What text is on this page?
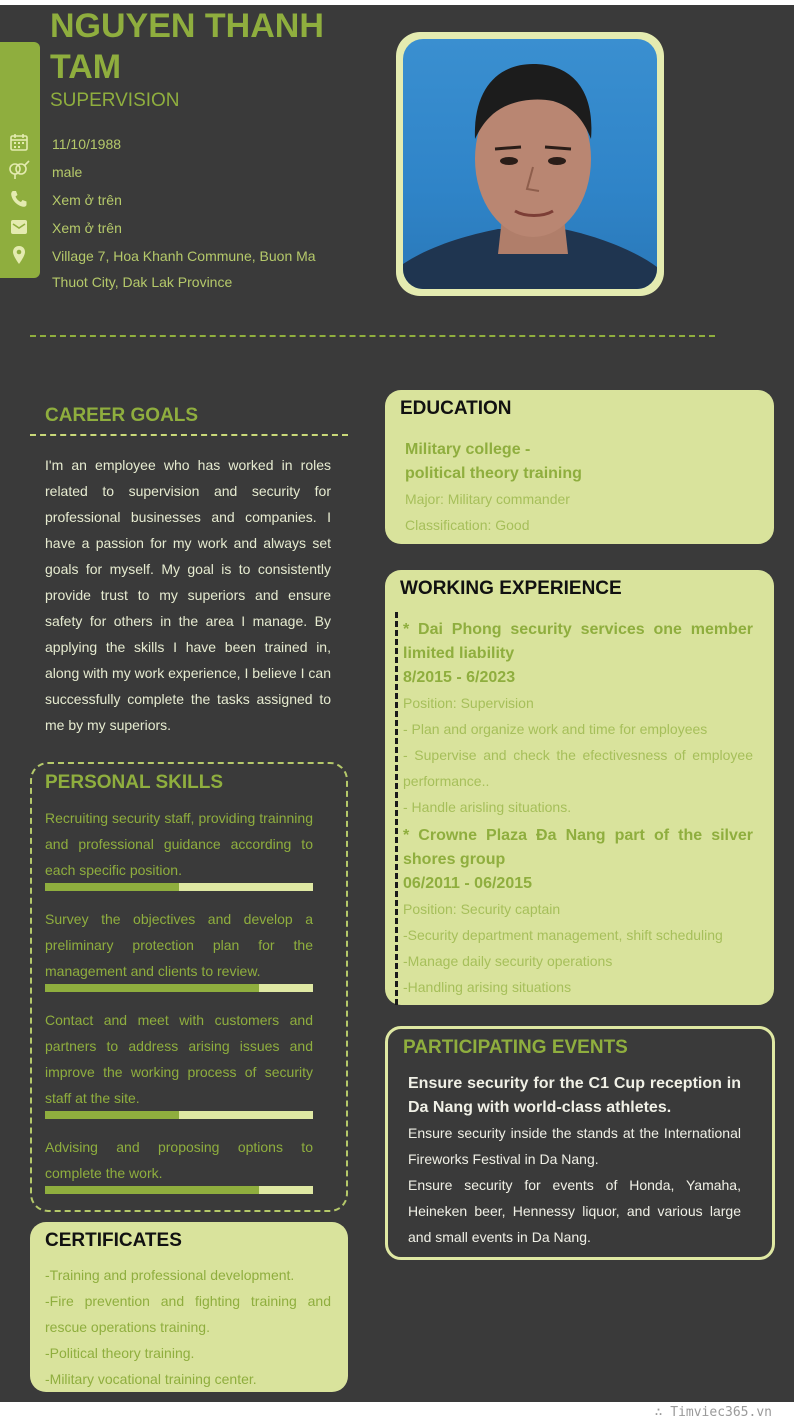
NGUYEN THANH TAM
SUPERVISION
11/10/1988
male
Xem ở trên
Xem ở trên
Village 7, Hoa Khanh Commune, Buon Ma
Thuot City, Dak Lak Province
CAREER GOALS

I'm an employee who has worked in roles related to supervision and security for professional businesses and companies. I have a passion for my work and always set goals for myself. My goal is to consistently provide trust to my superiors and ensure safety for others in the area I manage. By applying the skills I have been trained in, along with my work experience, I believe I can successfully complete the tasks assigned to me by my superiors.

PERSONAL SKILLS

Recruiting security staff, providing trainning and professional guidance according to each specific position.

Survey the objectives and develop a preliminary protection plan for the management and clients to review.

Contact and meet with customers and partners to address arising issues and improve the working process of security staff at the site.

Advising and proposing options to complete the work.

CERTIFICATES

-Training and professional development.

-Fire prevention and fighting training and rescue operations training.

-Political theory training.

-Military vocational training center.

EDUCATION
Military college -
political theory training
Major: Military commander
Classification: Good
WORKING EXPERIENCE
* Dai Phong security services one member limited liability
8/2015 - 6/2023
Position: Supervision
- Plan and organize work and time for employees
- Supervise and check the efectivesness of employee performance..
- Handle arisling situations.
* Crowne Plaza Đa Nang part of the silver shores group
06/2011 - 06/2015
Position: Security captain
-Security department management, shift scheduling
-Manage daily security operations
-Handling arising situations
PARTICIPATING EVENTS
Ensure security for the C1 Cup reception in Da Nang with world-class athletes.
Ensure security inside the stands at the International Fireworks Festival in Da Nang.
Ensure security for events of Honda, Yamaha, Heineken beer, Hennessy liquor, and various large and small events in Da Nang.
∴ Timviec365.vn
